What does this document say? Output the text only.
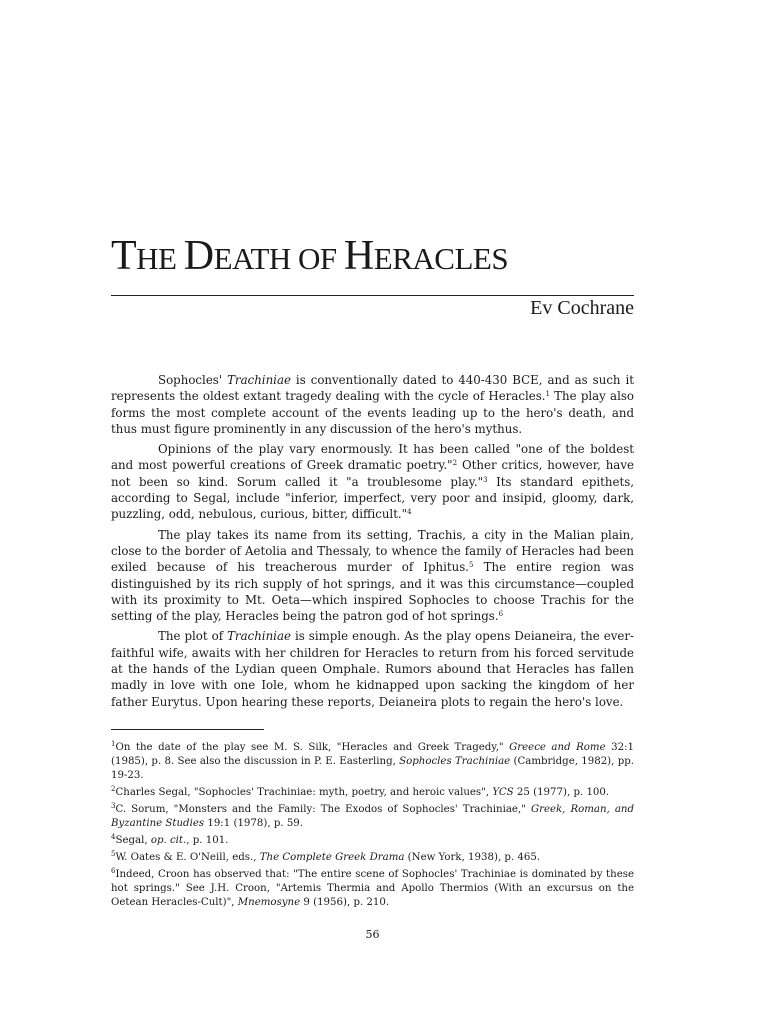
THE DEATH OF HERACLES
Ev Cochrane

Sophocles' Trachiniae is conventionally dated to 440-430 BCE, and as such it represents the oldest extant tragedy dealing with the cycle of Heracles.$^1$ The play also forms the most complete account of the events leading up to the hero's death, and thus must figure prominently in any discussion of the hero's mythus.

Opinions of the play vary enormously. It has been called "one of the boldest and most powerful creations of Greek dramatic poetry."$^2$ Other critics, however, have not been so kind. Sorum called it "a troublesome play."$^3$ Its standard epithets, according to Segal, include "inferior, imperfect, very poor and insipid, gloomy, dark, puzzling, odd, nebulous, curious, bitter, difficult."$^4$

The play takes its name from its setting, Trachis, a city in the Malian plain, close to the border of Aetolia and Thessaly, to whence the family of Heracles had been exiled because of his treacherous murder of Iphitus.$^5$ The entire region was distinguished by its rich supply of hot springs, and it was this circumstance—coupled with its proximity to Mt. Oeta—which inspired Sophocles to choose Trachis for the setting of the play, Heracles being the patron god of hot springs.$^6$

The plot of Trachiniae is simple enough. As the play opens Deianeira, the ever-faithful wife, awaits with her children for Heracles to return from his forced servitude at the hands of the Lydian queen Omphale. Rumors abound that Heracles has fallen madly in love with one Iole, whom he kidnapped upon sacking the kingdom of her father Eurytus. Upon hearing these reports, Deianeira plots to regain the hero's love.

$^1$On the date of the play see M. S. Silk, "Heracles and Greek Tragedy," Greece and Rome 32:1 (1985), p. 8. See also the discussion in P. E. Easterling, Sophocles Trachiniae (Cambridge, 1982), pp. 19-23.
$^2$Charles Segal, "Sophocles' Trachiniae: myth, poetry, and heroic values", YCS 25 (1977), p. 100.
$^3$C. Sorum, "Monsters and the Family: The Exodos of Sophocles' Trachiniae," Greek, Roman, and Byzantine Studies 19:1 (1978), p. 59.
$^4$Segal, op. cit., p. 101.
$^5$W. Oates & E. O'Neill, eds., The Complete Greek Drama (New York, 1938), p. 465.
$^6$Indeed, Croon has observed that: "The entire scene of Sophocles' Trachiniae is dominated by these hot springs." See J.H. Croon, "Artemis Thermia and Apollo Thermios (With an excursus on the Oetean Heracles-Cult)", Mnemosyne 9 (1956), p. 210.
56
